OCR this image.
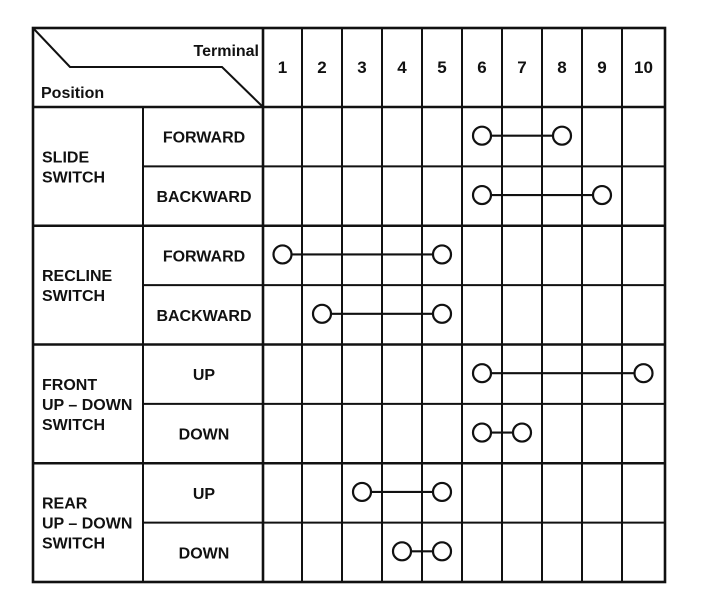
Terminal
Position
1 2 3 4 5 6 7 8 9 10
SLIDE SWITCH
RECLINE SWITCH
FRONT UP – DOWN SWITCH
REAR UP – DOWN SWITCH
FORWARD
BACKWARD
FORWARD
BACKWARD
UP
DOWN
UP
DOWN
